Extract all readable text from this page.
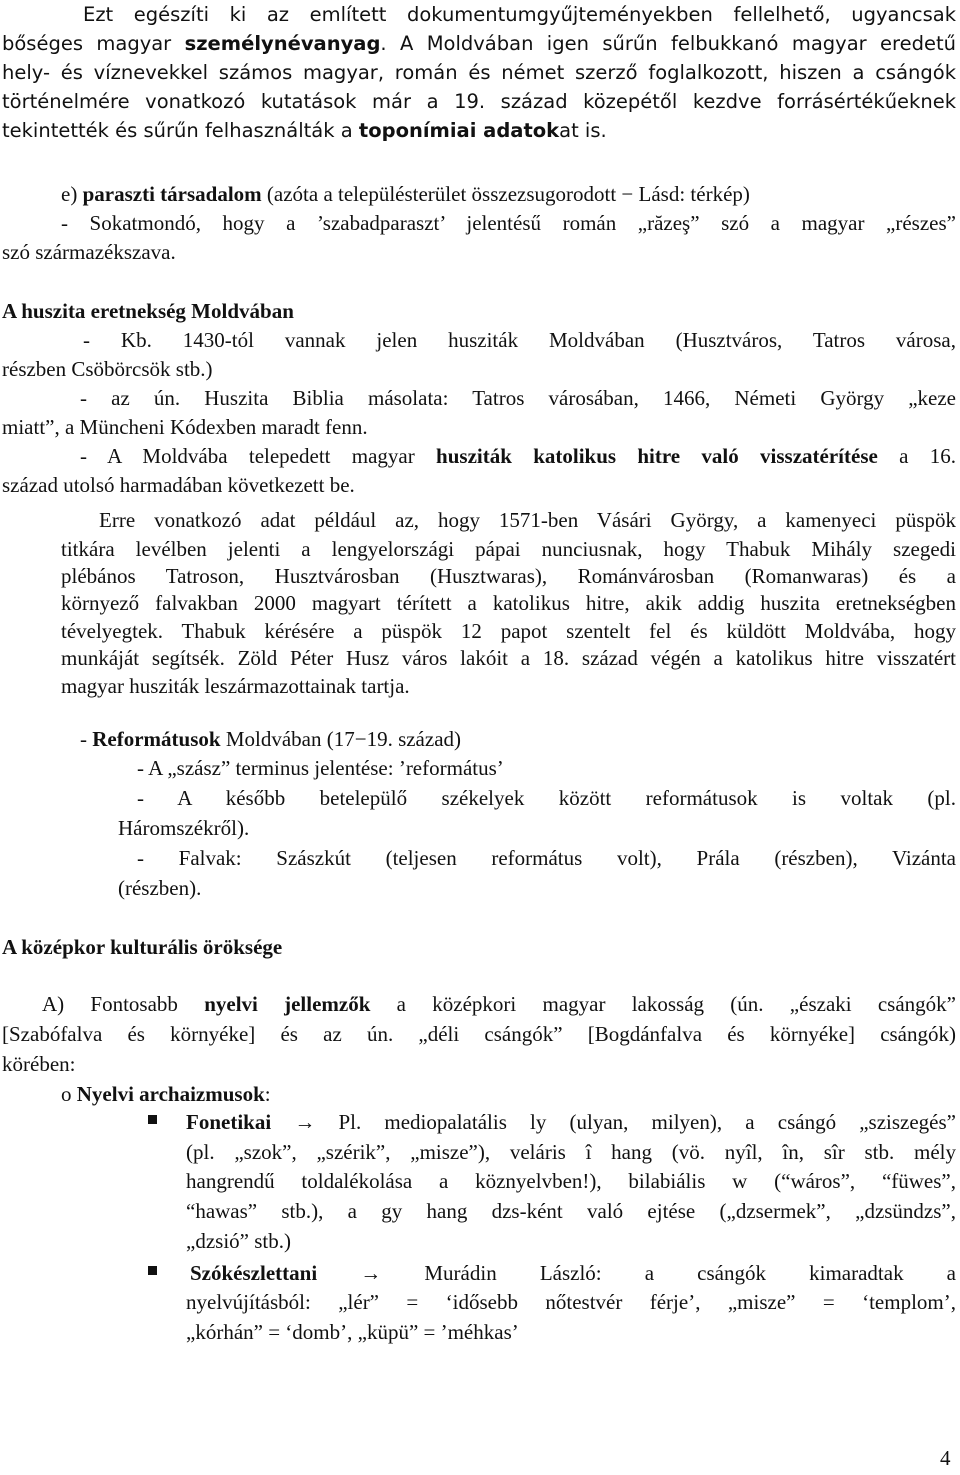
Ezt egészíti ki az említett dokumentumgyűjteményekben fellelhető, ugyancsak
bőséges magyar személynévanyag. A Moldvában igen sűrűn felbukkanó magyar eredetű
hely- és víznevekkel számos magyar, román és német szerző foglalkozott, hiszen a csángók
történelmére vonatkozó kutatások már a 19. század közepétől kezdve forrásértékűeknek
tekintették és sűrűn felhasználták a toponímiai adatokat is.
e) paraszti társadalom (azóta a településterület összezsugorodott − Lásd: térkép)
- Sokatmondó, hogy a ’szabadparaszt’ jelentésű román „răzeş” szó a magyar „részes”
szó származékszava.
A huszita eretnekség Moldvában
- Kb. 1430-tól vannak jelen husziták Moldvában (Husztváros, Tatros városa,
részben Csöbörcsök stb.)
- az ún. Huszita Biblia másolata: Tatros városában, 1466, Németi György „keze
miatt”, a Müncheni Kódexben maradt fenn.
- A Moldvába telepedett magyar husziták katolikus hitre való visszatérítése a 16.
század utolsó harmadában következett be.
Erre vonatkozó adat például az, hogy 1571-ben Vásári György, a kamenyeci püspök
titkára levélben jelenti a lengyelországi pápai nunciusnak, hogy Thabuk Mihály szegedi
plébános Tatroson, Husztvárosban (Husztwaras), Románvárosban (Romanwaras) és a
környező falvakban 2000 magyart térített a katolikus hitre, akik addig huszita eretnekségben
tévelyegtek. Thabuk kérésére a püspök 12 papot szentelt fel és küldött Moldvába, hogy
munkáját segítsék. Zöld Péter Husz város lakóit a 18. század végén a katolikus hitre visszatért
magyar husziták leszármazottainak tartja.
- Reformátusok Moldvában (17−19. század)
- A „szász” terminus jelentése: ’református’
- A később betelepülő székelyek között reformátusok is voltak (pl.
Háromszékről).
- Falvak: Szászkút (teljesen református volt), Prála (részben), Vizánta
(részben).
A középkor kulturális öröksége
A) Fontosabb nyelvi jellemzők a középkori magyar lakosság (ún. „északi csángók”
[Szabófalva és környéke] és az ún. „déli csángók” [Bogdánfalva és környéke] csángók)
körében:
o Nyelvi archaizmusok:
Fonetikai → Pl. mediopalatális ly (ulyan, milyen), a csángó „sziszegés”
(pl. „szok”, „szérik”, „misze”), veláris î hang (vö. nyîl, în, sîr stb. mély
hangrendű toldalékolása a köznyelvben!), bilabiális w (“wáros”, “füwes”,
“hawas” stb.), a gy hang dzs-ként való ejtése („dzsermek”, „dzsündzs”,
„dzsió” stb.)
Szókészlettani → Murádin László: a csángók kimaradtak a
nyelvújításból: „lér” = ‘idősebb nőtestvér férje’, „misze” = ‘templom’,
„kórhán” = ‘domb’, „küpü” = ’méhkas’
4
